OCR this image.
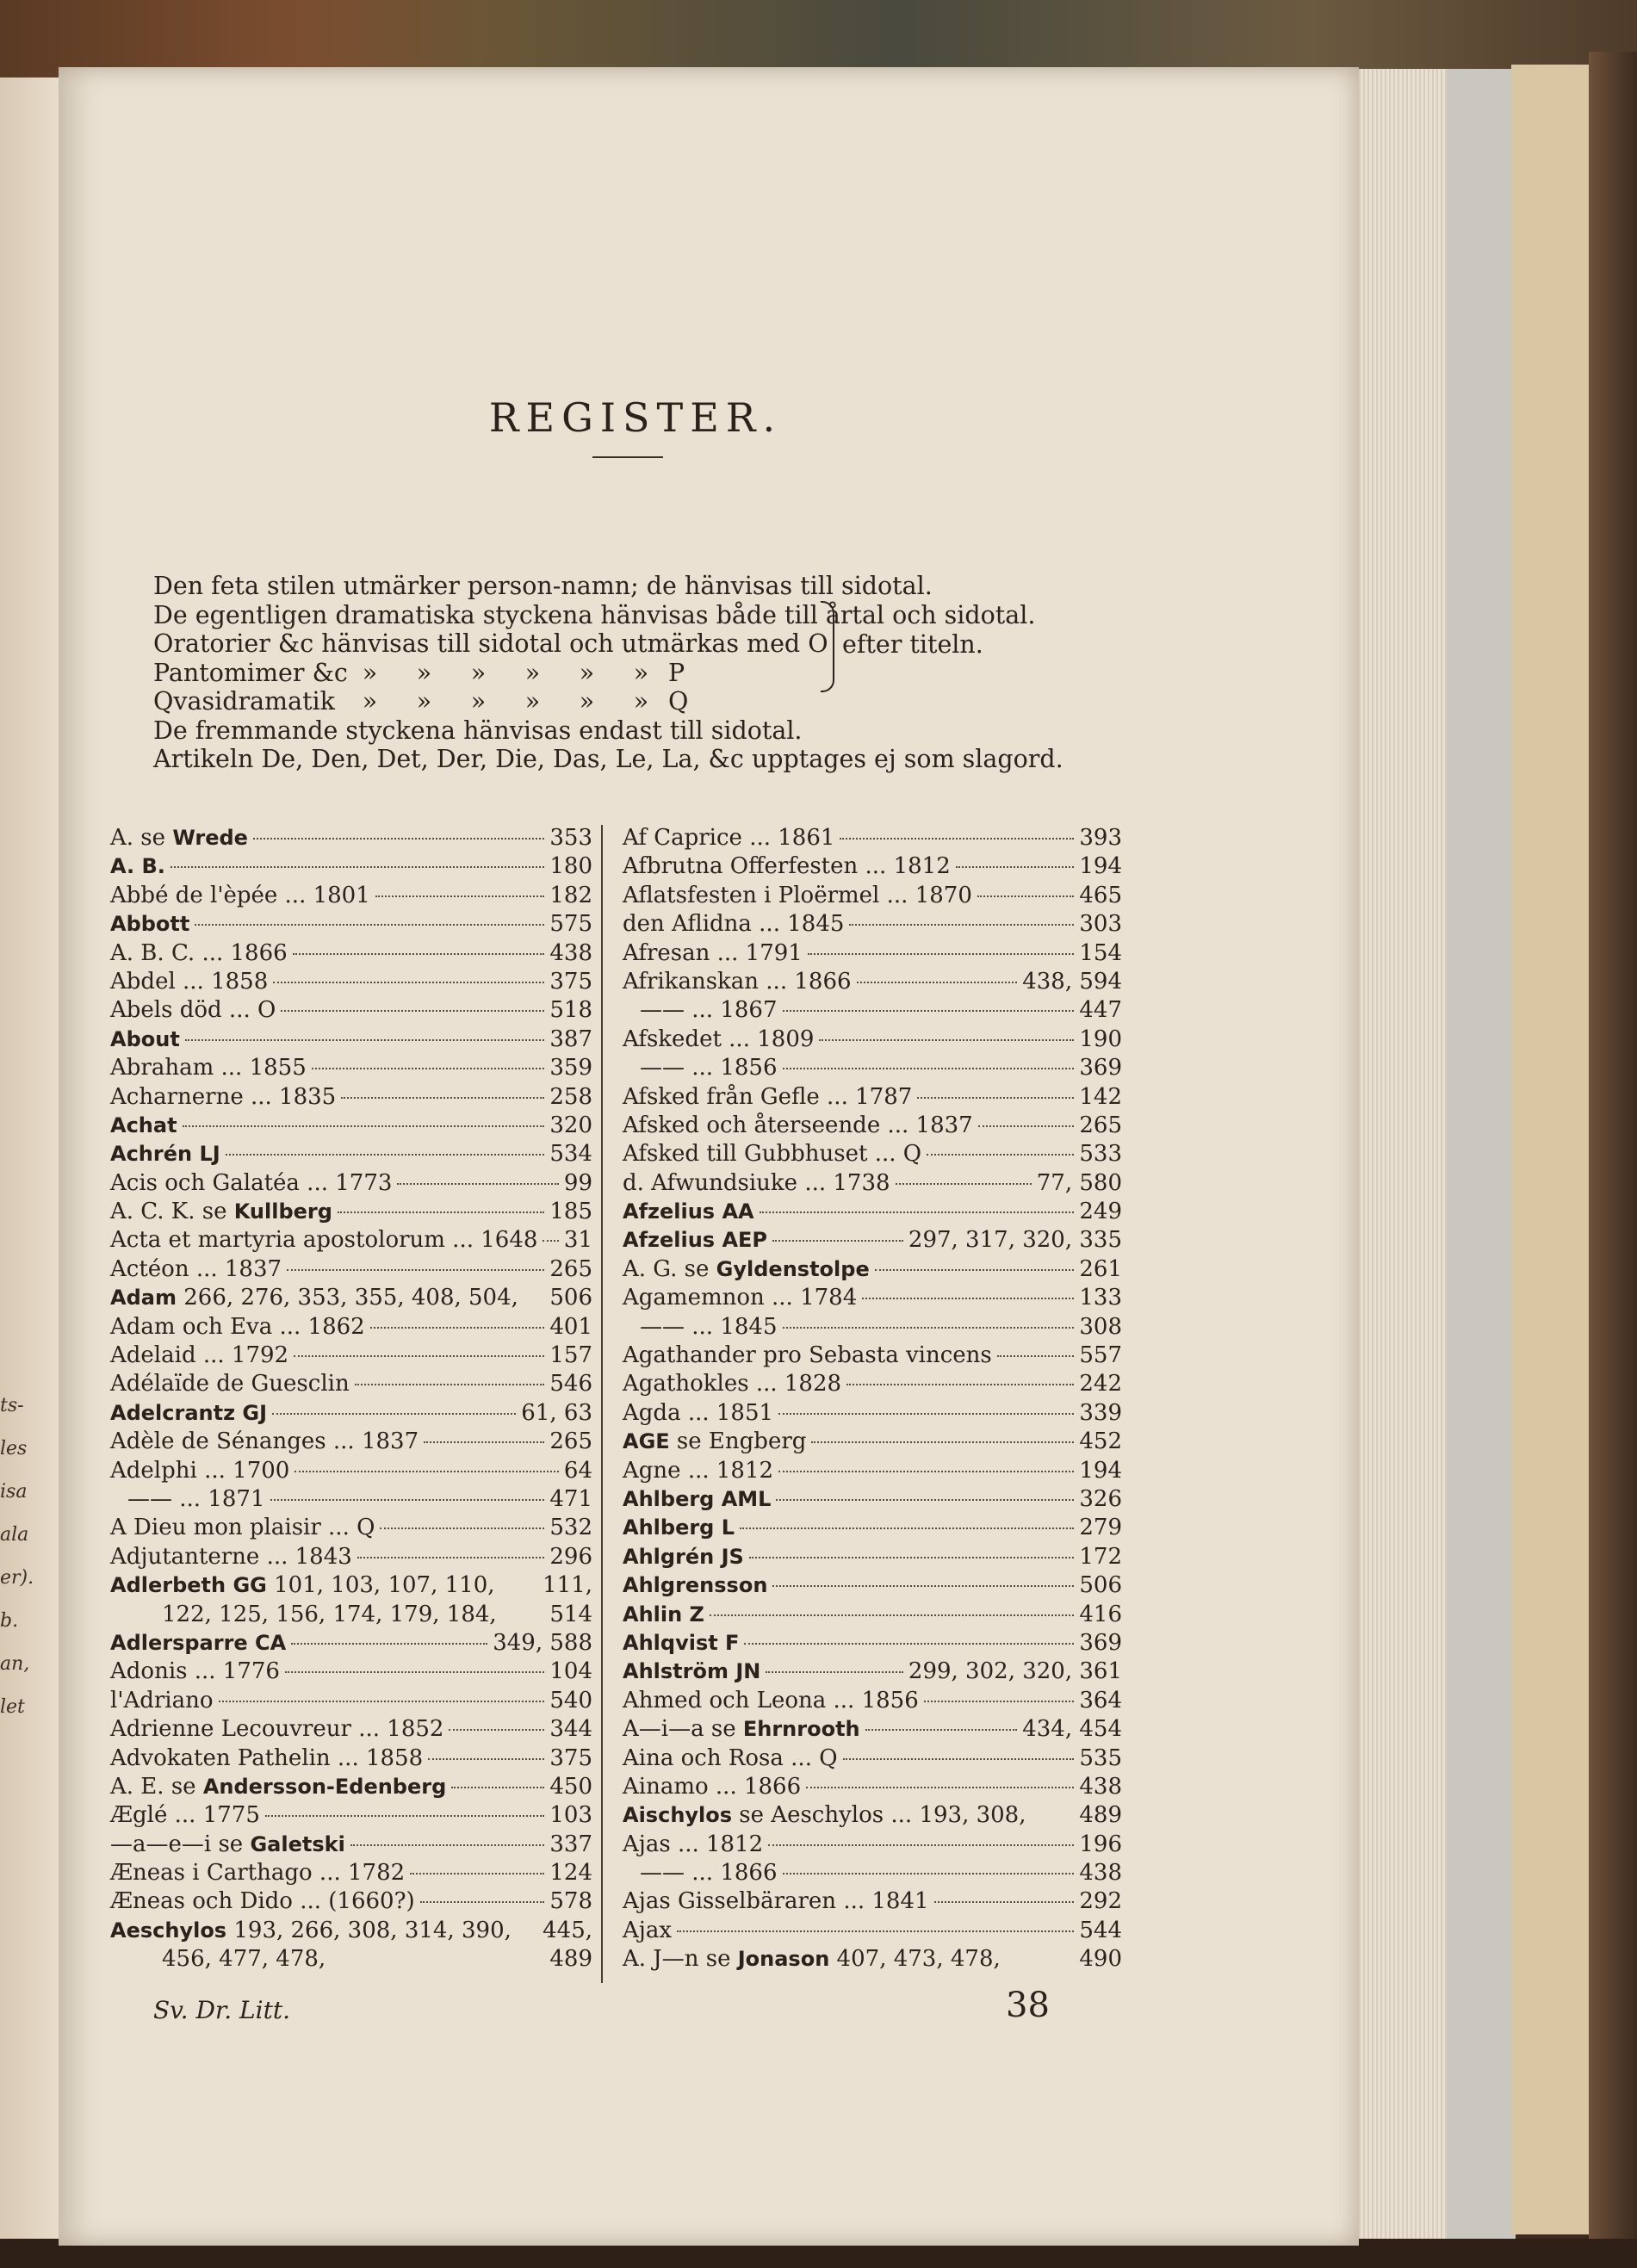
ts-
les
isa
ala
er).
b.
an,
let
REGISTER.
Den feta stilen utmärker person-namn; de hänvisas till sidotal.
De egentligen dramatiska styckena hänvisas både till årtal och sidotal.
Oratorier &c hänvisas till sidotal och utmärkas med O
Pantomimer &c »	»	»	»	»	» P
Qvasidramatik	»	»	»	»	»	» Q
De fremmande styckena hänvisas endast till sidotal.
Artikeln De, Den, Det, Der, Die, Das, Le, La, &c upptages ej som slagord.
efter titeln.
A. se Wrede	353
A. B.	180
Abbé de l'èpée ... 1801	182
Abbott	575
A. B. C. ... 1866	438
Abdel ... 1858	375
Abels död ... O	518
About	387
Abraham ... 1855	359
Acharnerne ... 1835	258
Achat	320
Achrén LJ	534
Acis och Galatéa ... 1773	99
A. C. K. se Kullberg	185
Acta et martyria apostolorum ... 1648 31
Actéon ... 1837	265
Adam 266, 276, 353, 355, 408, 504, 506
Adam och Eva ... 1862	401
Adelaid ... 1792	157
Adélaïde de Guesclin	546
Adelcrantz GJ	61, 63
Adèle de Sénanges ... 1837	265
Adelphi ... 1700	64
—— ... 1871	471
A Dieu mon plaisir ... Q	532
Adjutanterne ... 1843	296
Adlerbeth GG 101, 103, 107, 110, 111,
122, 125, 156, 174, 179, 184, 514
Adlersparre CA	349, 588
Adonis ... 1776	104
l'Adriano	540
Adrienne Lecouvreur ... 1852	344
Advokaten Pathelin ... 1858	375
A. E. se Andersson-Edenberg	450
Æglé ... 1775	103
—a—e—i se Galetski	337
Æneas i Carthago ... 1782	124
Æneas och Dido ... (1660?)	578
Aeschylos 193, 266, 308, 314, 390, 445,
456, 477, 478,	489
Af Caprice ... 1861	393
Afbrutna Offerfesten ... 1812	194
Aflatsfesten i Ploërmel ... 1870	465
den Aflidna ... 1845	303
Afresan ... 1791	154
Afrikanskan ... 1866	438, 594
—— ... 1867	447
Afskedet ... 1809	190
—— ... 1856	369
Afsked från Gefle ... 1787	142
Afsked och återseende ... 1837	265
Afsked till Gubbhuset ... Q	533
d. Afwundsiuke ... 1738	77, 580
Afzelius AA	249
Afzelius AEP	297, 317, 320, 335
A. G. se Gyldenstolpe	261
Agamemnon ... 1784	133
—— ... 1845	308
Agathander pro Sebasta vincens	557
Agathokles ... 1828	242
Agda ... 1851	339
AGE se Engberg	452
Agne ... 1812	194
Ahlberg AML	326
Ahlberg L	279
Ahlgrén JS	172
Ahlgrensson	506
Ahlin Z	416
Ahlqvist F	369
Ahlström JN	299, 302, 320, 361
Ahmed och Leona ... 1856	364
A—i—a se Ehrnrooth	434, 454
Aina och Rosa ... Q	535
Ainamo ... 1866	438
Aischylos se Aeschylos ... 193, 308, 489
Ajas ... 1812	196
—— ... 1866	438
Ajas Gisselbäraren ... 1841	292
Ajax	544
A. J—n se Jonason 407, 473, 478,	490
Sv. Dr. Litt.	38
